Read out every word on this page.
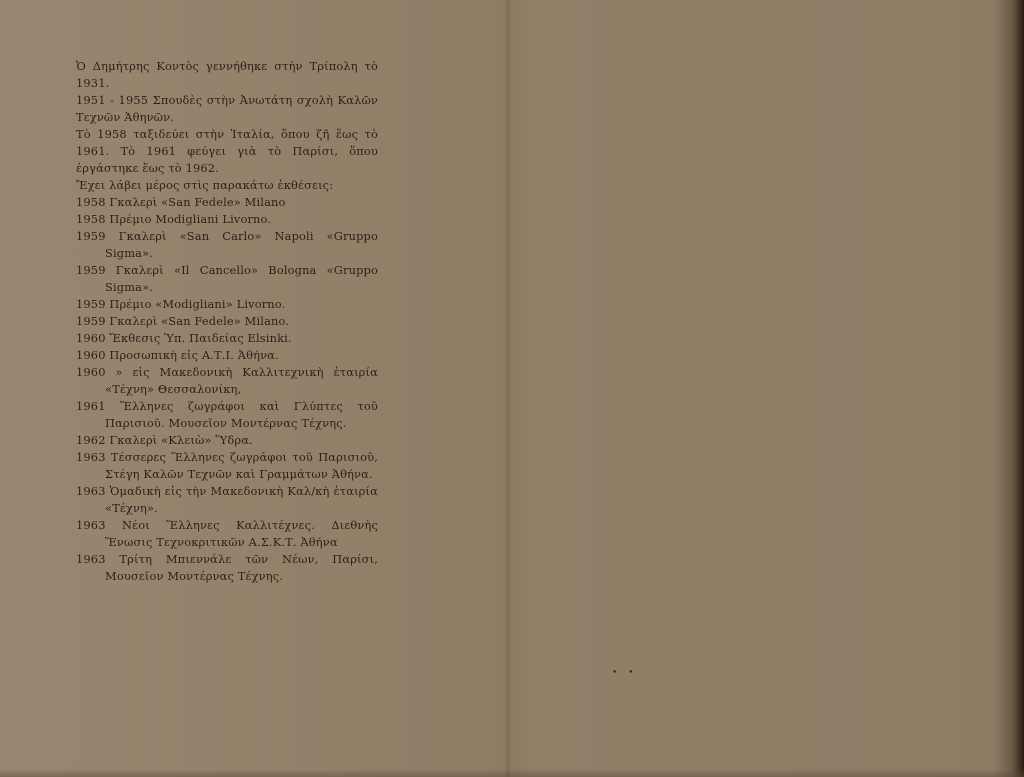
Ὁ Δημήτρης Κοντὸς γεννήθηκε στὴν Τρίπολη τὸ 1931.

1951 - 1955 Σπουδὲς στὴν Ἀνωτάτη σχολὴ Καλῶν Τεχνῶν Ἀθηνῶν.

Τὸ 1958 ταξιδεύει στὴν Ἰταλία, ὅπου ζῆ ἕως τὸ 1961. Τὸ 1961 φεύγει γιὰ τὸ Παρίσι, ὅπου ἐργάστηκε ἕως τὸ 1962.

Ἔχει λάβει μέρος στὶς παρακάτω ἐκθέσεις:

1958 Γκαλερὶ «San Fedele» Milano

1958 Πρέμιο Modigliani Livorno.

1959 Γκαλερὶ «San Carlo» Napoli «Gruppo Sigma».

1959 Γκαλερὶ «Il Cancello» Bologna «Gruppo Sigma».

1959 Πρέμιο «Modigliani» Livorno.

1959 Γκαλερὶ «San Fedele» Milano.

1960 Ἔκθεσις Ὑπ. Παιδείας Elsinki.

1960 Προσωπικὴ εἰς Α.Τ.Ι. Ἀθήνα.

1960 » εἰς Μακεδονικὴ Καλλιτεχνικὴ ἑταιρία «Τέχνη» Θεσσαλονίκη,

1961 Ἕλληνες ζωγράφοι καὶ Γλύπτες τοῦ Παρισιοῦ. Μουσεῖον Μοντέρνας Τέχνης.

1962 Γκαλερὶ «Κλειὼ» Ὕδρα.

1963 Τέσσερες Ἕλληνες ζωγράφοι τοῦ Παρισιοῦ, Στέγη Καλῶν Τεχνῶν καὶ Γραμμάτων Ἀθήνα.

1963 Ὁμαδικὴ εἰς τὴν Μακεδονικὴ Καλ/κὴ ἑταιρία «Τέχνη».

1963 Νέοι Ἕλληνες Καλλιτέχνες. Διεθνὴς Ἕνωσις Τεχνοκριτικῶν Α.Σ.Κ.Τ. Ἀθήνα

1963 Τρίτη Μπιεννάλε τῶν Νέων, Παρίσι, Μουσεῖον Μοντέρνας Τέχνης.

• •
